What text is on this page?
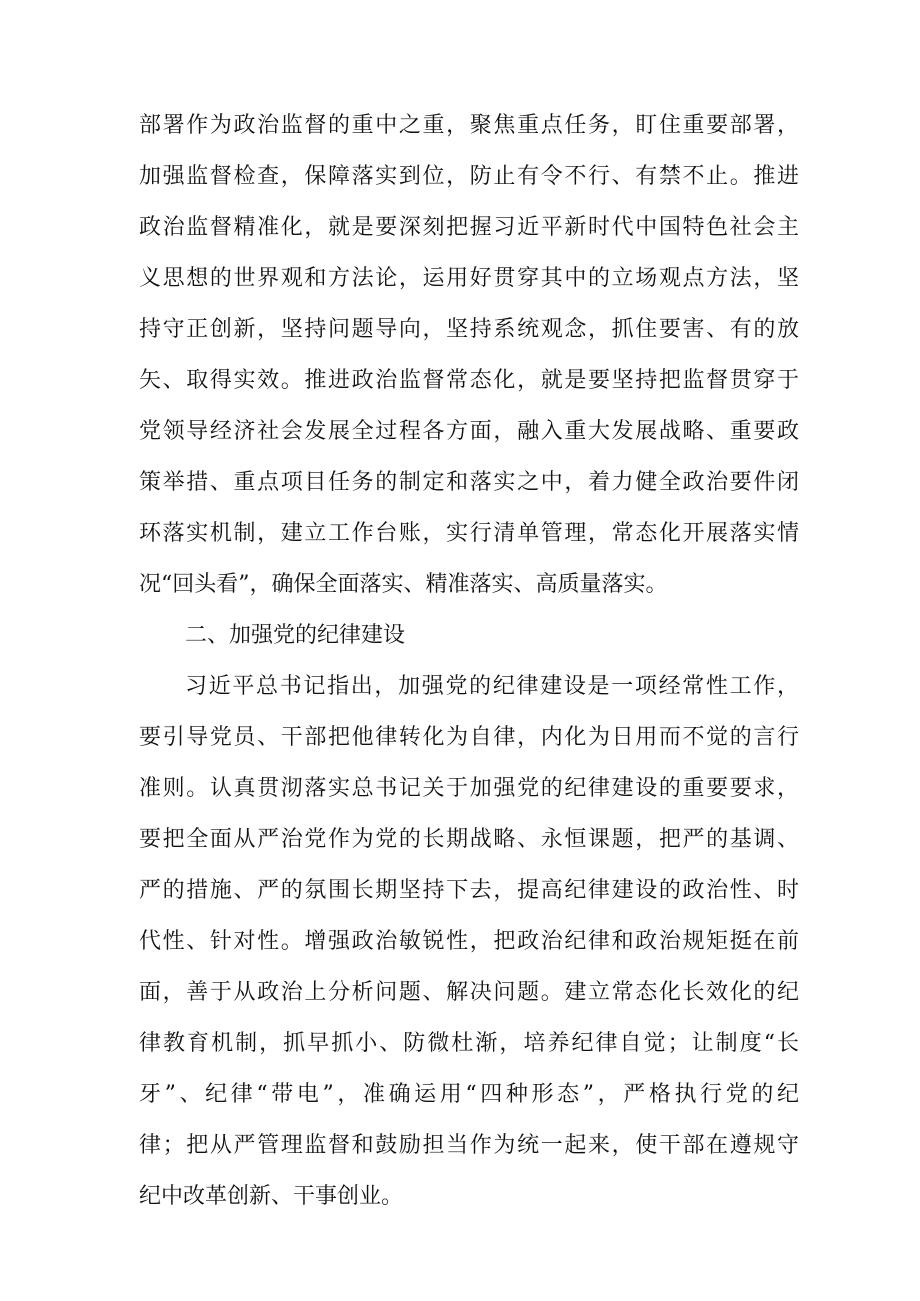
部署作为政治监督的重中之重，聚焦重点任务，盯住重要部署，
加强监督检查，保障落实到位，防止有令不行、有禁不止。推进
政治监督精准化，就是要深刻把握习近平新时代中国特色社会主
义思想的世界观和方法论，运用好贯穿其中的立场观点方法，坚
持守正创新，坚持问题导向，坚持系统观念，抓住要害、有的放
矢、取得实效。推进政治监督常态化，就是要坚持把监督贯穿于
党领导经济社会发展全过程各方面，融入重大发展战略、重要政
策举措、重点项目任务的制定和落实之中，着力健全政治要件闭
环落实机制，建立工作台账，实行清单管理，常态化开展落实情
况“回头看”，确保全面落实、精准落实、高质量落实。
二、加强党的纪律建设
习近平总书记指出，加强党的纪律建设是一项经常性工作，
要引导党员、干部把他律转化为自律，内化为日用而不觉的言行
准则。认真贯沏落实总书记关于加强党的纪律建设的重要要求，
要把全面从严治党作为党的长期战略、永恒课题，把严的基调、
严的措施、严的氛围长期坚持下去，提高纪律建设的政治性、时
代性、针对性。增强政治敏锐性，把政治纪律和政治规矩挺在前
面，善于从政治上分析问题、解决问题。建立常态化长效化的纪
律教育机制，抓早抓小、防微杜渐，培养纪律自觉；让制度“长
牙”、纪律“带电”，准确运用“四种形态”，严格执行党的纪
律；把从严管理监督和鼓励担当作为统一起来，使干部在遵规守
纪中改革创新、干事创业。
